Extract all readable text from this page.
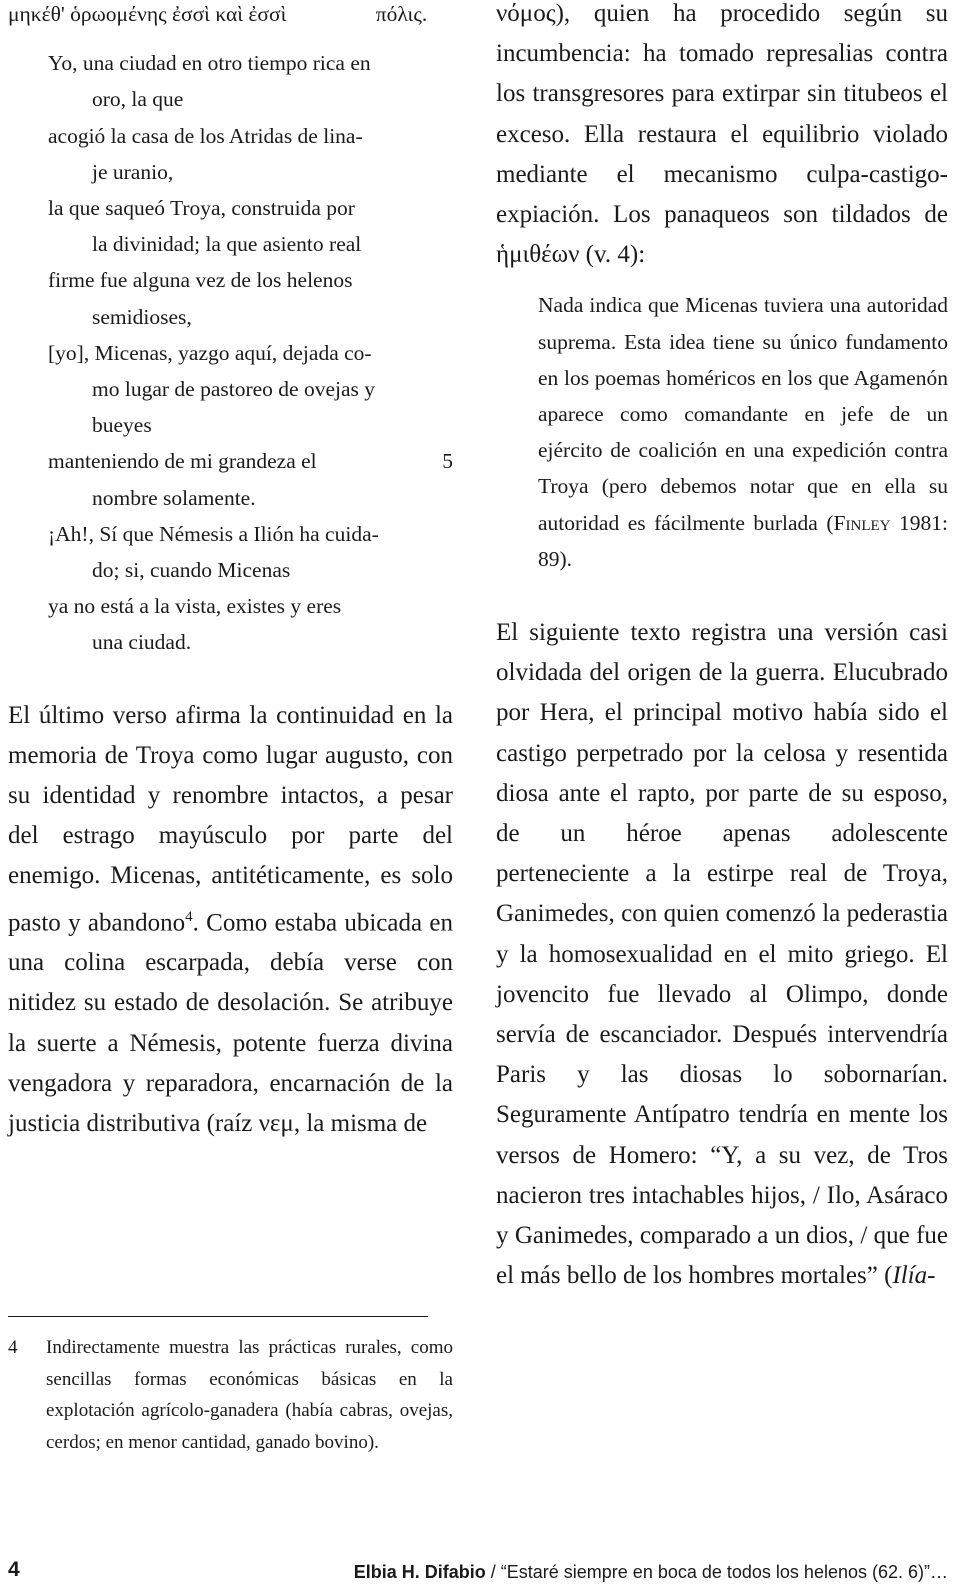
μηκέθ' ὁρωομένης ἐσσὶ καὶ ἐσσὶ	πόλις.
Yo, una ciudad en otro tiempo rica en
oro, la que
acogió la casa de los Atridas de lina-
je uranio,
la que saqueó Troya, construida por
la divinidad; la que asiento real
firme fue alguna vez de los helenos
semidioses,
[yo], Micenas, yazgo aquí, dejada co-
mo lugar de pastoreo de ovejas y
bueyes
5
manteniendo de mi grandeza el
nombre solamente.
¡Ah!, Sí que Némesis a Ilión ha cuida-
do; si, cuando Micenas
ya no está a la vista, existes y eres
una ciudad.

El último verso afirma la continuidad en la memoria de Troya como lugar augusto, con su identidad y renombre intactos, a pesar del estrago mayúsculo por parte del enemigo. Micenas, antitéticamente, es solo pasto y abandono$^4$. Como estaba ubicada en una colina escarpada, debía verse con nitidez su estado de desolación. Se atribuye la suerte a Némesis, potente fuerza divina vengadora y reparadora, encarnación de la justicia distributiva (raíz νεμ, la misma de

4	Indirectamente muestra las prácticas rurales, como sencillas formas económicas básicas en la explotación agrícolo-ganadera (había cabras, ovejas, cerdos; en menor cantidad, ganado bovino).

νόμος), quien ha procedido según su incumbencia: ha tomado represalias contra los transgresores para extirpar sin titubeos el exceso. Ella restaura el equilibrio violado mediante el mecanismo culpa-castigo-expiación. Los panaqueos son tildados de ἡμιθέων (v. 4):

Nada indica que Micenas tuviera una autoridad suprema. Esta idea tiene su único fundamento en los poemas homéricos en los que Agamenón aparece como comandante en jefe de un ejército de coalición en una expedición contra Troya (pero debemos notar que en ella su autoridad es fácilmente burlada (Finley 1981: 89).

El siguiente texto registra una versión casi olvidada del origen de la guerra. Elucubrado por Hera, el principal motivo había sido el castigo perpetrado por la celosa y resentida diosa ante el rapto, por parte de su esposo, de un héroe apenas adolescente perteneciente a la estirpe real de Troya, Ganimedes, con quien comenzó la pederastia y la homosexualidad en el mito griego. El jovencito fue llevado al Olimpo, donde servía de escanciador. Después intervendría Paris y las diosas lo sobornarían. Seguramente Antípatro tendría en mente los versos de Homero: “Y, a su vez, de Tros nacieron tres intachables hijos, / Ilo, Asáraco y Ganimedes, comparado a un dios, / que fue el más bello de los hombres mortales” (Ilía-

4	Elbia H. Difabio / “Estaré siempre en boca de todos los helenos (62. 6)”…
